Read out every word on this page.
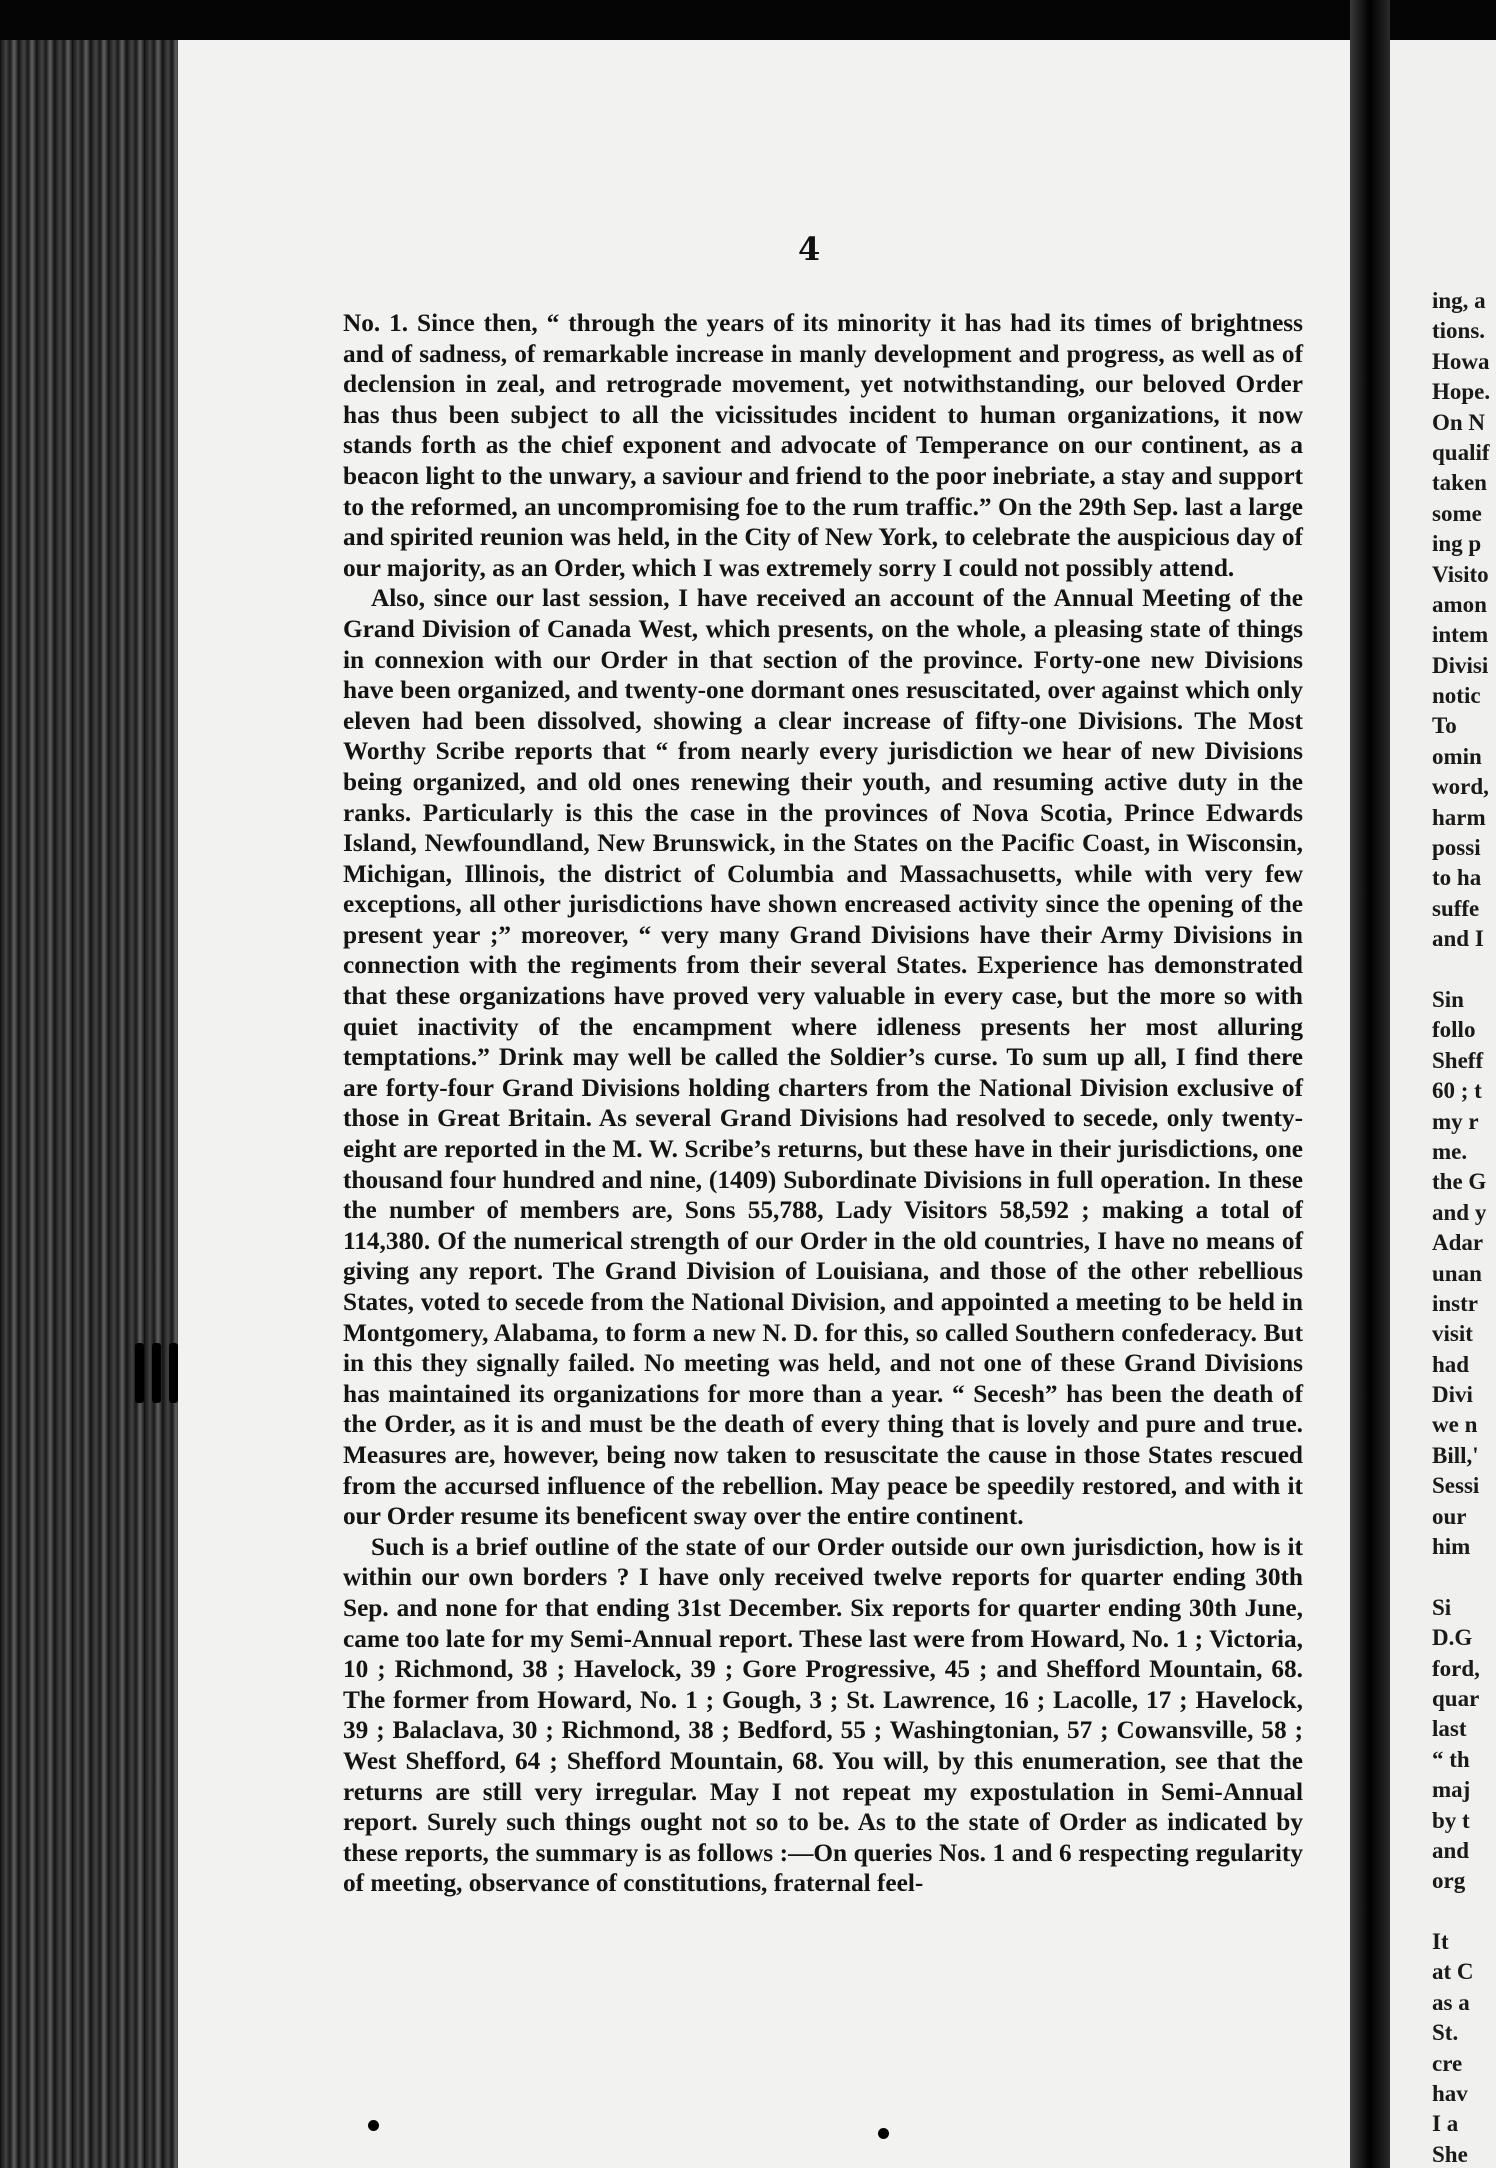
4

No. 1. Since then, “ through the years of its minority it has had its times of brightness and of sadness, of remarkable increase in manly development and progress, as well as of declension in zeal, and retrograde movement, yet notwithstanding, our beloved Order has thus been subject to all the vicissitudes incident to human organizations, it now stands forth as the chief exponent and advocate of Temperance on our continent, as a beacon light to the unwary, a saviour and friend to the poor inebriate, a stay and support to the reformed, an uncompromising foe to the rum traffic.” On the 29th Sep. last a large and spirited reunion was held, in the City of New York, to celebrate the auspicious day of our majority, as an Order, which I was extremely sorry I could not possibly attend.

Also, since our last session, I have received an account of the Annual Meeting of the Grand Division of Canada West, which presents, on the whole, a pleasing state of things in connexion with our Order in that section of the province. Forty-one new Divisions have been organized, and twenty-one dormant ones resuscitated, over against which only eleven had been dissolved, showing a clear increase of fifty-one Divisions. The Most Worthy Scribe reports that “ from nearly every jurisdiction we hear of new Divisions being organized, and old ones renewing their youth, and resuming active duty in the ranks. Particularly is this the case in the provinces of Nova Scotia, Prince Edwards Island, Newfoundland, New Brunswick, in the States on the Pacific Coast, in Wisconsin, Michigan, Illinois, the district of Columbia and Massachusetts, while with very few exceptions, all other jurisdictions have shown encreased activity since the opening of the present year ;” moreover, “ very many Grand Divisions have their Army Divisions in connection with the regiments from their several States. Experience has demonstrated that these organizations have proved very valuable in every case, but the more so with quiet inactivity of the encampment where idleness presents her most alluring temptations.” Drink may well be called the Soldier’s curse. To sum up all, I find there are forty-four Grand Divisions holding charters from the National Division exclusive of those in Great Britain. As several Grand Divisions had resolved to secede, only twenty-eight are reported in the M. W. Scribe’s returns, but these have in their jurisdictions, one thousand four hundred and nine, (1409) Subordinate Divisions in full operation. In these the number of members are, Sons 55,788, Lady Visitors 58,592 ; making a total of 114,380. Of the numerical strength of our Order in the old countries, I have no means of giving any report. The Grand Division of Louisiana, and those of the other rebellious States, voted to secede from the National Division, and appointed a meeting to be held in Montgomery, Alabama, to form a new N. D. for this, so called Southern confederacy. But in this they signally failed. No meeting was held, and not one of these Grand Divisions has maintained its organizations for more than a year. “ Secesh” has been the death of the Order, as it is and must be the death of every thing that is lovely and pure and true. Measures are, however, being now taken to resuscitate the cause in those States rescued from the accursed influence of the rebellion. May peace be speedily restored, and with it our Order resume its beneficent sway over the entire continent.

Such is a brief outline of the state of our Order outside our own jurisdiction, how is it within our own borders ? I have only received twelve reports for quarter ending 30th Sep. and none for that ending 31st December. Six reports for quarter ending 30th June, came too late for my Semi-Annual report. These last were from Howard, No. 1 ; Victoria, 10 ; Richmond, 38 ; Havelock, 39 ; Gore Progressive, 45 ; and Shefford Mountain, 68. The former from Howard, No. 1 ; Gough, 3 ; St. Lawrence, 16 ; Lacolle, 17 ; Havelock, 39 ; Balaclava, 30 ; Richmond, 38 ; Bedford, 55 ; Washingtonian, 57 ; Cowansville, 58 ; West Shefford, 64 ; Shefford Mountain, 68. You will, by this enumeration, see that the returns are still very irregular. May I not repeat my expostulation in Semi-Annual report. Surely such things ought not so to be. As to the state of Order as indicated by these reports, the summary is as follows :—On queries Nos. 1 and 6 respecting regularity of meeting, observance of constitutions, fraternal feel-

ing, a
tions.
Howa
Hope.
On N
qualif
taken
some
ing p
Visito
amon
intem
Divisi
notic
To
omin
word,
harm
possi
to ha
suffe
and I
Sin
follo
Sheff
60 ; t
my r
me.
the G
and y
Adar
unan
instr
visit
had
Divi
we n
Bill,'
Sessi
our
him
Si
D.G
ford,
quar
last
“ th
maj
by t
and
org
It
at C
as a
St.
cre
hav
I a
She
